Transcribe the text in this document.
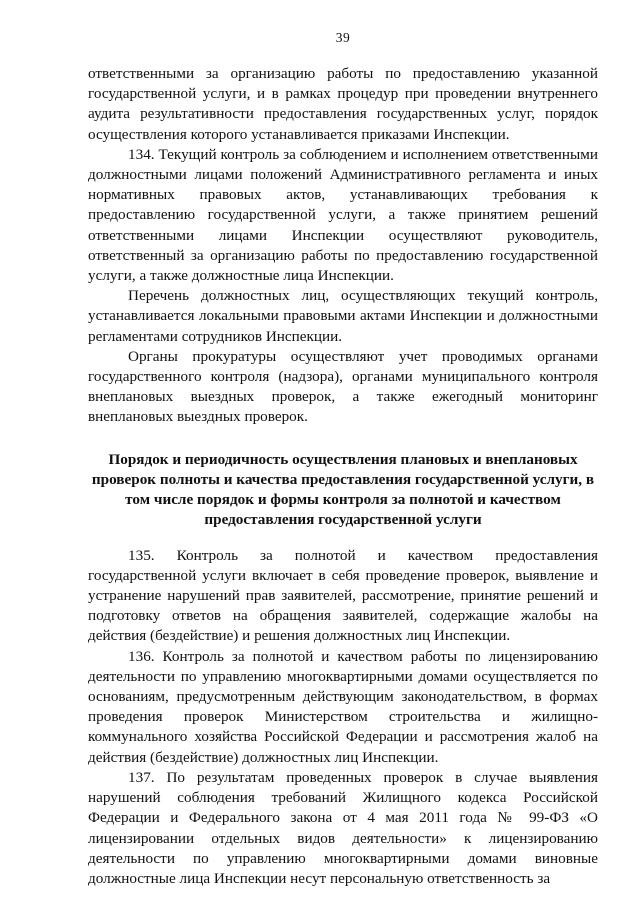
39

ответственными за организацию работы по предоставлению указанной государственной услуги, и в рамках процедур при проведении внутреннего аудита результативности предоставления государственных услуг, порядок осуществления которого устанавливается приказами Инспекции.

134. Текущий контроль за соблюдением и исполнением ответственными должностными лицами положений Административного регламента и иных нормативных правовых актов, устанавливающих требования к предоставлению государственной услуги, а также принятием решений ответственными лицами Инспекции осуществляют руководитель, ответственный за организацию работы по предоставлению государственной услуги, а также должностные лица Инспекции.

Перечень должностных лиц, осуществляющих текущий контроль, устанавливается локальными правовыми актами Инспекции и должностными регламентами сотрудников Инспекции.

Органы прокуратуры осуществляют учет проводимых органами государственного контроля (надзора), органами муниципального контроля внеплановых выездных проверок, а также ежегодный мониторинг внеплановых выездных проверок.

Порядок и периодичность осуществления плановых и внеплановых проверок полноты и качества предоставления государственной услуги, в том числе порядок и формы контроля за полнотой и качеством предоставления государственной услуги

135. Контроль за полнотой и качеством предоставления государственной услуги включает в себя проведение проверок, выявление и устранение нарушений прав заявителей, рассмотрение, принятие решений и подготовку ответов на обращения заявителей, содержащие жалобы на действия (бездействие) и решения должностных лиц Инспекции.

136. Контроль за полнотой и качеством работы по лицензированию деятельности по управлению многоквартирными домами осуществляется по основаниям, предусмотренным действующим законодательством, в формах проведения проверок Министерством строительства и жилищно-коммунального хозяйства Российской Федерации и рассмотрения жалоб на действия (бездействие) должностных лиц Инспекции.

137. По результатам проведенных проверок в случае выявления нарушений соблюдения требований Жилищного кодекса Российской Федерации и Федерального закона от 4 мая 2011 года № 99-ФЗ «О лицензировании отдельных видов деятельности» к лицензированию деятельности по управлению многоквартирными домами виновные должностные лица Инспекции несут персональную ответственность за
